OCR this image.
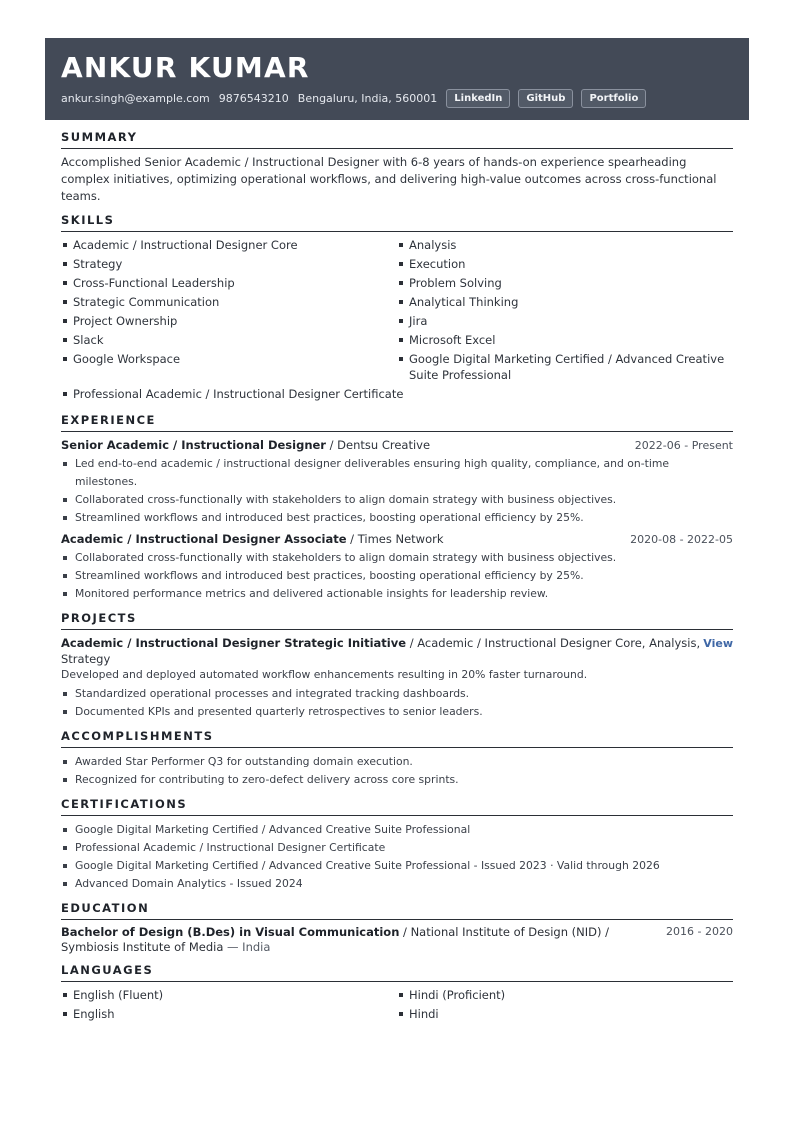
ANKUR KUMAR
ankur.singh@example.com 9876543210 Bengaluru, India, 560001	LinkedIn	GitHub	Portfolio
SUMMARY
Accomplished Senior Academic / Instructional Designer with 6-8 years of hands-on experience spearheading complex initiatives, optimizing operational workflows, and delivering high-value outcomes across cross-functional teams.
SKILLS
Academic / Instructional Designer Core
Strategy
Cross-Functional Leadership
Strategic Communication
Project Ownership
Slack
Google Workspace
Analysis
Execution
Problem Solving
Analytical Thinking
Jira
Microsoft Excel
Google Digital Marketing Certified / Advanced Creative Suite Professional
Professional Academic / Instructional Designer Certificate
EXPERIENCE
Senior Academic / Instructional Designer / Dentsu Creative	2022-06 - Present
Led end-to-end academic / instructional designer deliverables ensuring high quality, compliance, and on-time milestones.
Collaborated cross-functionally with stakeholders to align domain strategy with business objectives.
Streamlined workflows and introduced best practices, boosting operational efficiency by 25%.
Academic / Instructional Designer Associate / Times Network	2020-08 - 2022-05
Collaborated cross-functionally with stakeholders to align domain strategy with business objectives.
Streamlined workflows and introduced best practices, boosting operational efficiency by 25%.
Monitored performance metrics and delivered actionable insights for leadership review.
PROJECTS
Academic / Instructional Designer Strategic Initiative / Academic / Instructional Designer Core, Analysis, Strategy
View
Developed and deployed automated workflow enhancements resulting in 20% faster turnaround.
Standardized operational processes and integrated tracking dashboards.
Documented KPIs and presented quarterly retrospectives to senior leaders.
ACCOMPLISHMENTS
Awarded Star Performer Q3 for outstanding domain execution.
Recognized for contributing to zero-defect delivery across core sprints.
CERTIFICATIONS
Google Digital Marketing Certified / Advanced Creative Suite Professional
Professional Academic / Instructional Designer Certificate
Google Digital Marketing Certified / Advanced Creative Suite Professional - Issued 2023 · Valid through 2026
Advanced Domain Analytics - Issued 2024
EDUCATION
Bachelor of Design (B.Des) in Visual Communication / National Institute of Design (NID) / Symbiosis Institute of Media — India
2016 - 2020
LANGUAGES
English (Fluent)
English
Hindi (Proficient)
Hindi
